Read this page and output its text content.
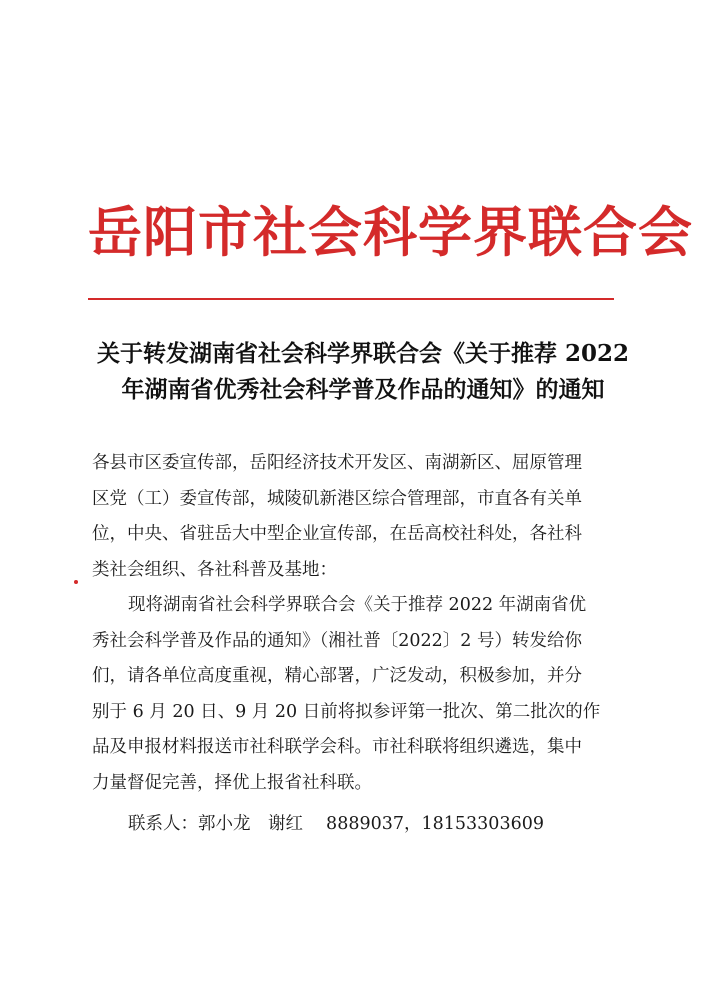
岳阳市社会科学界联合会
关于转发湖南省社会科学界联合会《关于推荐 2022
年湖南省优秀社会科学普及作品的通知》的通知
各县市区委宣传部，岳阳经济技术开发区、南湖新区、屈原管理
区党（工）委宣传部，城陵矶新港区综合管理部，市直各有关单
位，中央、省驻岳大中型企业宣传部，在岳高校社科处，各社科
类社会组织、各社科普及基地：
现将湖南省社会科学界联合会《关于推荐 2022 年湖南省优
秀社会科学普及作品的通知》（湘社普〔2022〕2 号）转发给你
们，请各单位高度重视，精心部署，广泛发动，积极参加，并分
别于 6 月 20 日、9 月 20 日前将拟参评第一批次、第二批次的作
品及申报材料报送市社科联学会科。市社科联将组织遴选，集中
力量督促完善，择优上报省社科联。
联系人：郭小龙　谢红　 8889037，18153303609
